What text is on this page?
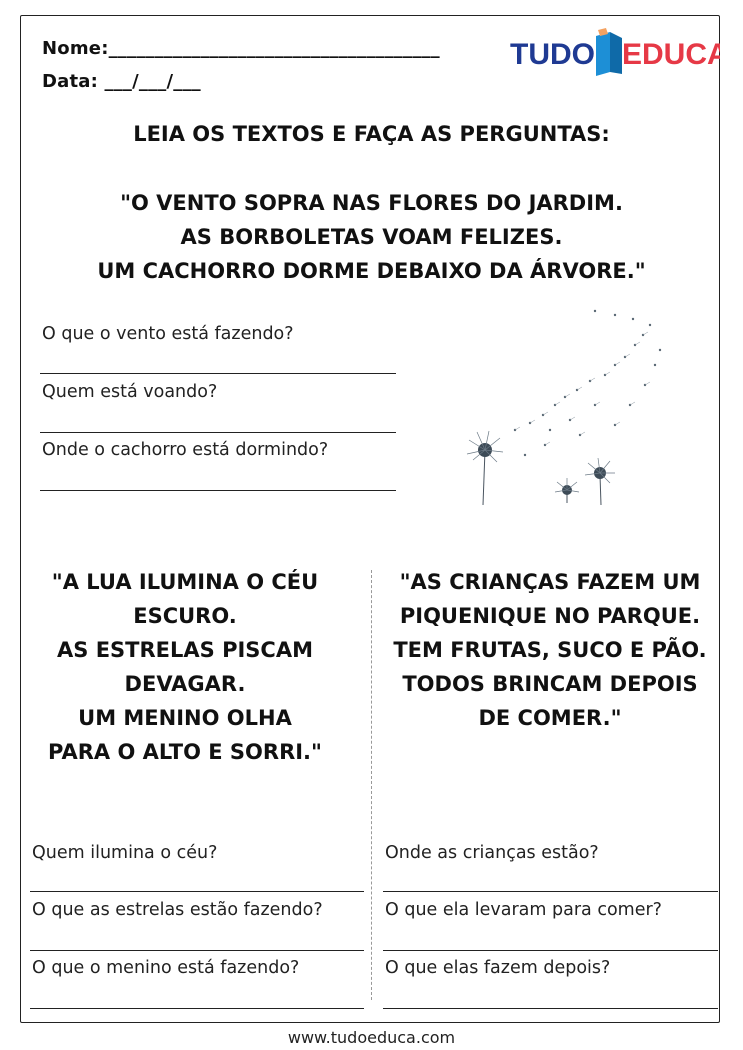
Nome:____________________________________
Data: ___/___/___
TUDO EDUCA
LEIA OS TEXTOS E FAÇA AS PERGUNTAS:
"O VENTO SOPRA NAS FLORES DO JARDIM.
AS BORBOLETAS VOAM FELIZES.
UM CACHORRO DORME DEBAIXO DA ÁRVORE."
O que o vento está fazendo?
Quem está voando?
Onde o cachorro está dormindo?
"A LUA ILUMINA O CÉU
ESCURO.
AS ESTRELAS PISCAM
DEVAGAR.
UM MENINO OLHA
PARA O ALTO E SORRI."
"AS CRIANÇAS FAZEM UM
PIQUENIQUE NO PARQUE.
TEM FRUTAS, SUCO E PÃO.
TODOS BRINCAM DEPOIS
DE COMER."
Quem ilumina o céu?
O que as estrelas estão fazendo?
O que o menino está fazendo?
Onde as crianças estão?
O que ela levaram para comer?
O que elas fazem depois?
www.tudoeduca.com
